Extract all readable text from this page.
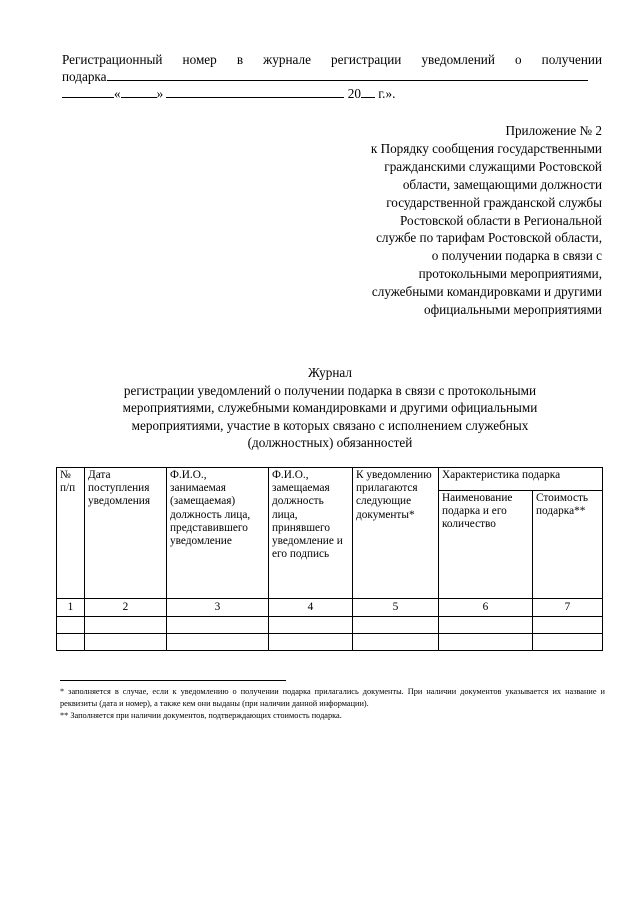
Регистрационный номер в журнале регистрации уведомлений о получении
подарка
«	»	20 г.».
Приложение № 2
к Порядку сообщения государственными
гражданскими служащими Ростовской
области, замещающими должности
государственной гражданской службы
Ростовской области в Региональной
службе по тарифам Ростовской области,
о получении подарка в связи с
протокольными мероприятиями,
служебными командировками и другими
официальными мероприятиями
Журнал
регистрации уведомлений о получении подарка в связи с протокольными
мероприятиями, служебными командировками и другими официальными
мероприятиями, участие в которых связано с исполнением служебных
(должностных) обязанностей
№ п/п	Дата поступления уведомления	Ф.И.О., занимаемая (замещаемая) должность лица, представившего уведомление	Ф.И.О., замещаемая должность лица, принявшего уведомление и его подпись	К уведомлению прилагаются следующие документы*	Характеристика подарка	
					Наименование подарка и его количество	Стоимость подарка**
1	2	3	4	5	6	7

* заполняется в случае, если к уведомлению о получении подарка прилагались документы. При наличии документов указывается их название и реквизиты (дата и номер), а также кем они выданы (при наличии данной информации).
** Заполняется при наличии документов, подтверждающих стоимость подарка.
